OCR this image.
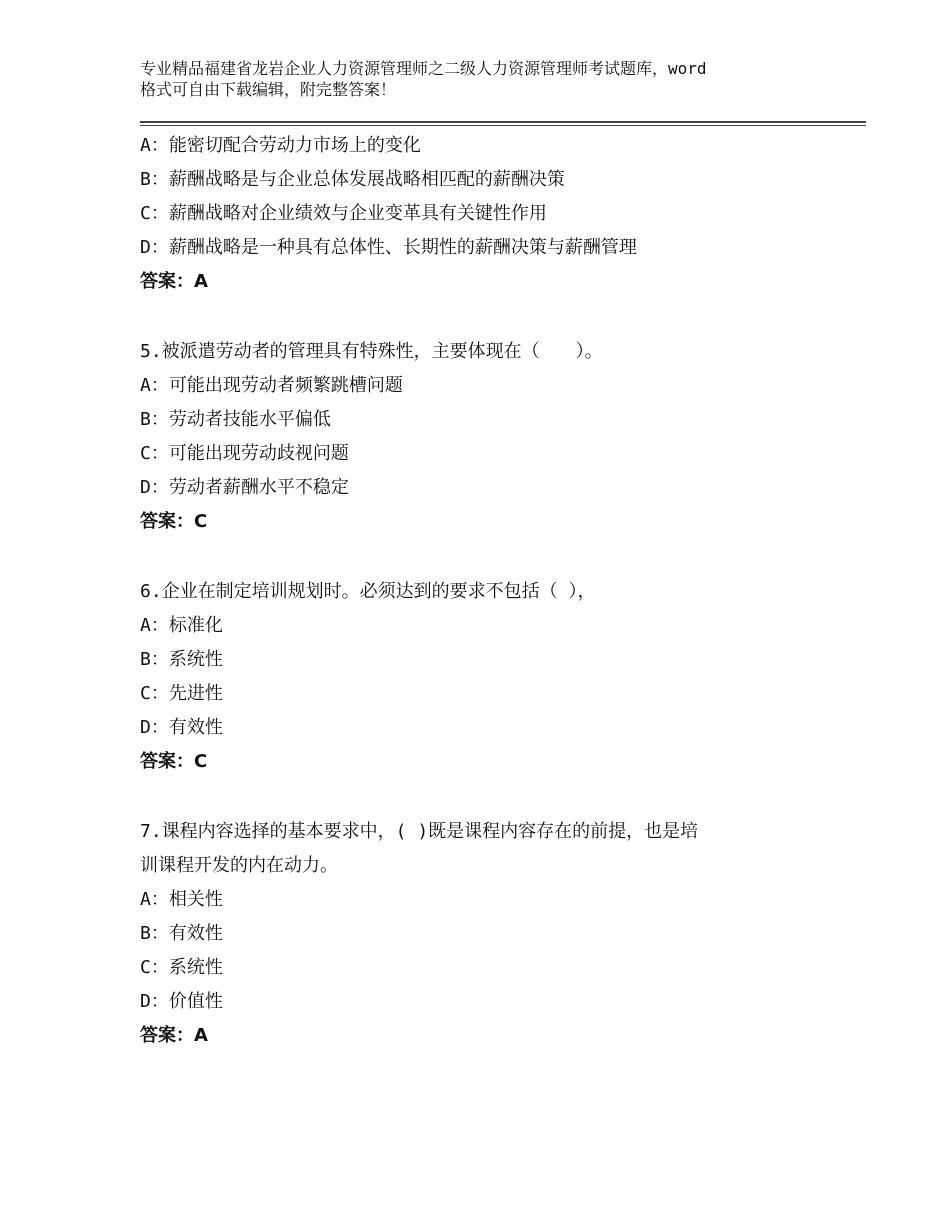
专业精品福建省龙岩企业人力资源管理师之二级人力资源管理师考试题库，word
格式可自由下载编辑，附完整答案！
A：能密切配合劳动力市场上的变化
B：薪酬战略是与企业总体发展战略相匹配的薪酬决策
C：薪酬战略对企业绩效与企业变革具有关键性作用
D：薪酬战略是一种具有总体性、长期性的薪酬决策与薪酬管理
答案：A
5.被派遣劳动者的管理具有特殊性，主要体现在（　　）。
A：可能出现劳动者频繁跳槽问题
B：劳动者技能水平偏低
C：可能出现劳动歧视问题
D：劳动者薪酬水平不稳定
答案：C
6.企业在制定培训规划时。必须达到的要求不包括（ ），
A：标准化
B：系统性
C：先进性
D：有效性
答案：C
7.课程内容选择的基本要求中，( )既是课程内容存在的前提，也是培
训课程开发的内在动力。
A：相关性
B：有效性
C：系统性
D：价值性
答案：A
